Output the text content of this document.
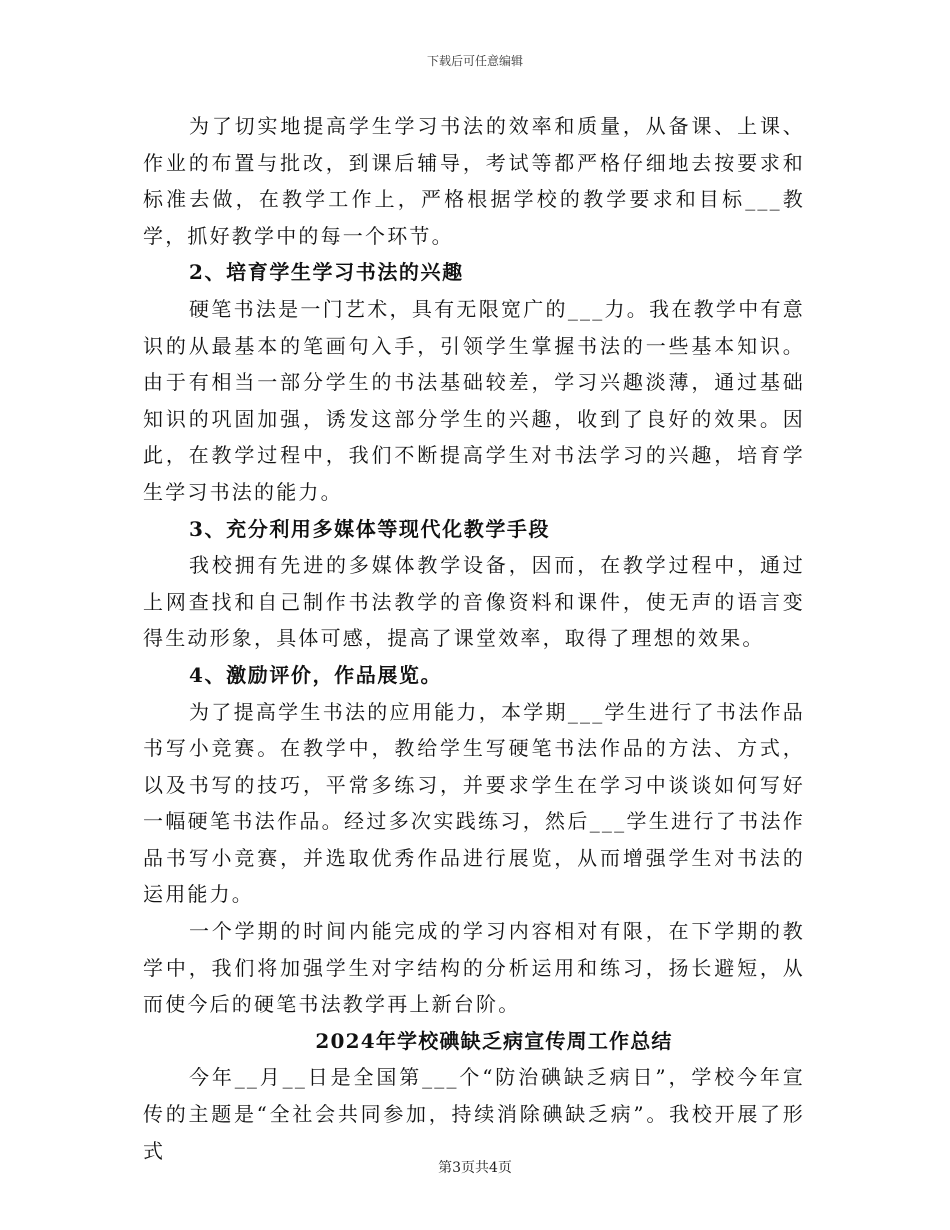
下载后可任意编辑

为了切实地提高学生学习书法的效率和质量，从备课、上课、作业的布置与批改，到课后辅导，考试等都严格仔细地去按要求和标准去做，在教学工作上，严格根据学校的教学要求和目标___教学，抓好教学中的每一个环节。

2、培育学生学习书法的兴趣

硬笔书法是一门艺术，具有无限宽广的___力。我在教学中有意识的从最基本的笔画句入手，引领学生掌握书法的一些基本知识。由于有相当一部分学生的书法基础较差，学习兴趣淡薄，通过基础知识的巩固加强，诱发这部分学生的兴趣，收到了良好的效果。因此，在教学过程中，我们不断提高学生对书法学习的兴趣，培育学生学习书法的能力。

3、充分利用多媒体等现代化教学手段

我校拥有先进的多媒体教学设备，因而，在教学过程中，通过上网查找和自己制作书法教学的音像资料和课件，使无声的语言变得生动形象，具体可感，提高了课堂效率，取得了理想的效果。

4、激励评价，作品展览。

为了提高学生书法的应用能力，本学期___学生进行了书法作品书写小竞赛。在教学中，教给学生写硬笔书法作品的方法、方式，以及书写的技巧，平常多练习，并要求学生在学习中谈谈如何写好一幅硬笔书法作品。经过多次实践练习，然后___学生进行了书法作品书写小竞赛，并选取优秀作品进行展览，从而增强学生对书法的运用能力。

一个学期的时间内能完成的学习内容相对有限，在下学期的教学中，我们将加强学生对字结构的分析运用和练习，扬长避短，从而使今后的硬笔书法教学再上新台阶。

2024年学校碘缺乏病宣传周工作总结

今年__月__日是全国第___个“防治碘缺乏病日”，学校今年宣传的主题是“全社会共同参加，持续消除碘缺乏病”。我校开展了形式

第3页共4页
